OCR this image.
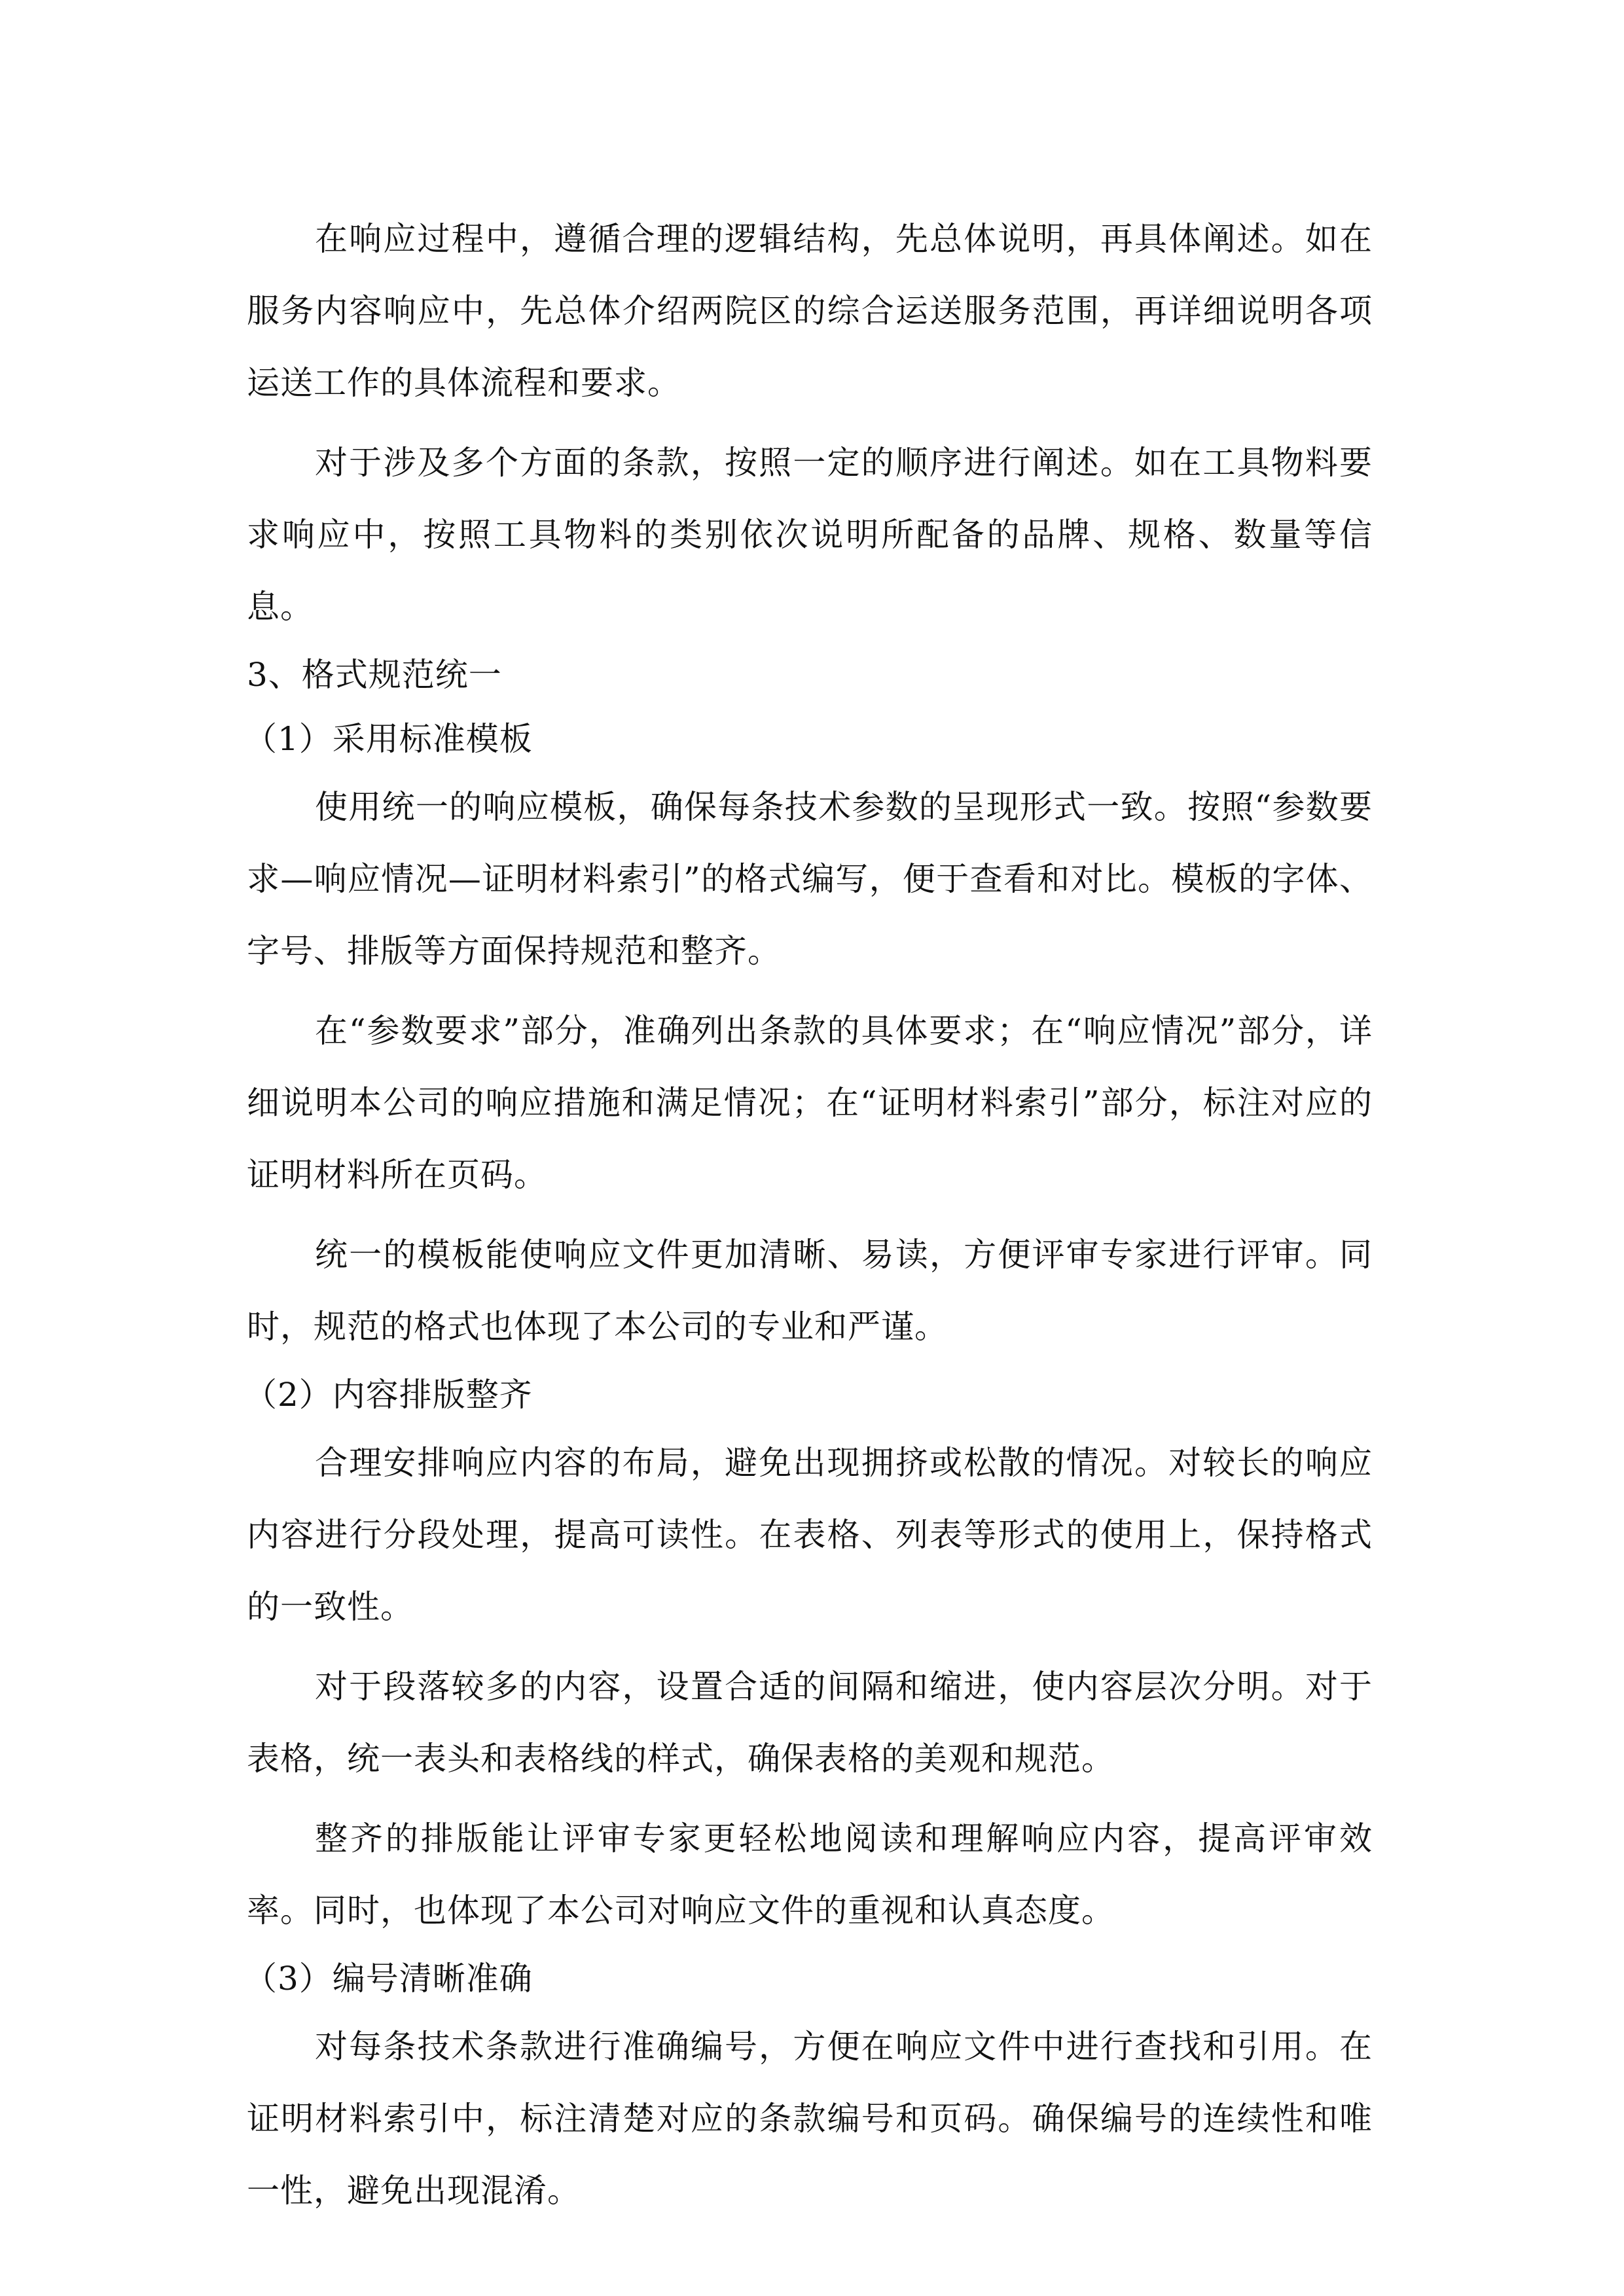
在响应过程中，遵循合理的逻辑结构，先总体说明，再具体阐述。如在服务内容响应中，先总体介绍两院区的综合运送服务范围，再详细说明各项运送工作的具体流程和要求。

对于涉及多个方面的条款，按照一定的顺序进行阐述。如在工具物料要求响应中，按照工具物料的类别依次说明所配备的品牌、规格、数量等信息。

3、格式规范统一

（1）采用标准模板

使用统一的响应模板，确保每条技术参数的呈现形式一致。按照“参数要求—响应情况—证明材料索引”的格式编写，便于查看和对比。模板的字体、字号、排版等方面保持规范和整齐。

在“参数要求”部分，准确列出条款的具体要求；在“响应情况”部分，详细说明本公司的响应措施和满足情况；在“证明材料索引”部分，标注对应的证明材料所在页码。

统一的模板能使响应文件更加清晰、易读，方便评审专家进行评审。同时，规范的格式也体现了本公司的专业和严谨。

（2）内容排版整齐

合理安排响应内容的布局，避免出现拥挤或松散的情况。对较长的响应内容进行分段处理，提高可读性。在表格、列表等形式的使用上，保持格式的一致性。

对于段落较多的内容，设置合适的间隔和缩进，使内容层次分明。对于表格，统一表头和表格线的样式，确保表格的美观和规范。

整齐的排版能让评审专家更轻松地阅读和理解响应内容，提高评审效率。同时，也体现了本公司对响应文件的重视和认真态度。

（3）编号清晰准确

对每条技术条款进行准确编号，方便在响应文件中进行查找和引用。在证明材料索引中，标注清楚对应的条款编号和页码。确保编号的连续性和唯一性，避免出现混淆。
